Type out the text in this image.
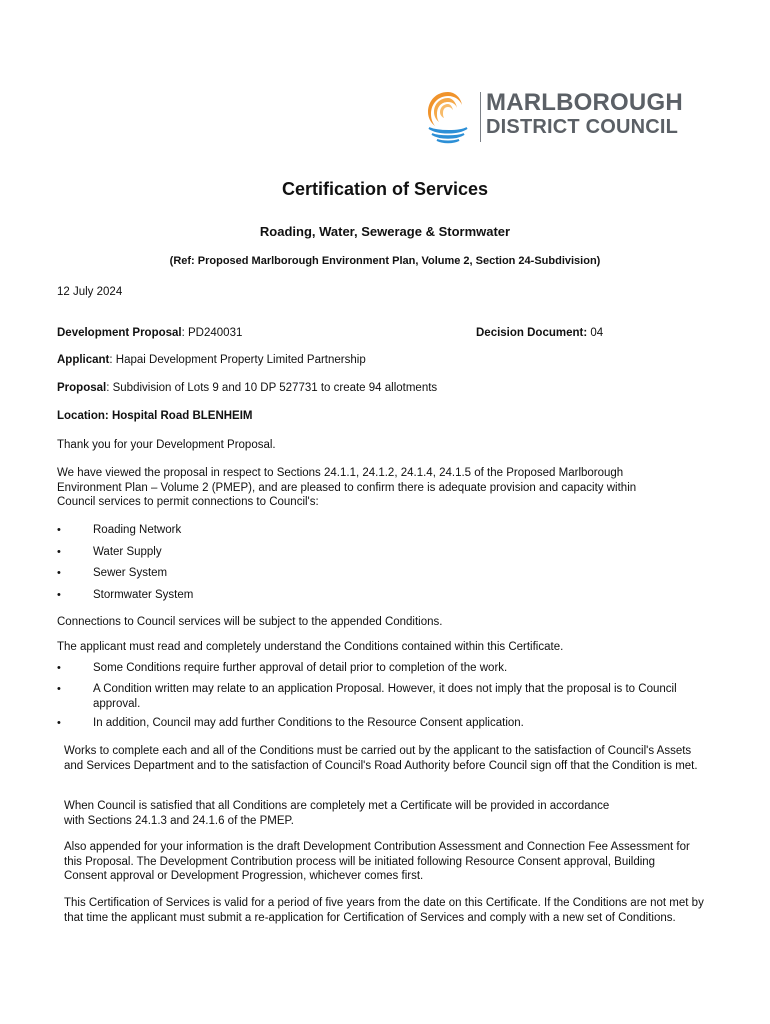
MARLBOROUGH
DISTRICT COUNCIL
Certification of Services
Roading, Water, Sewerage & Stormwater
(Ref: Proposed Marlborough Environment Plan, Volume 2, Section 24-Subdivision)
12 July 2024
Development Proposal: PD240031	Decision Document: 04
Applicant: Hapai Development Property Limited Partnership
Proposal: Subdivision of Lots 9 and 10 DP 527731 to create 94 allotments
Location: Hospital Road BLENHEIM
Thank you for your Development Proposal.
We have viewed the proposal in respect to Sections 24.1.1, 24.1.2, 24.1.4, 24.1.5 of the Proposed Marlborough Environment Plan – Volume 2 (PMEP), and are pleased to confirm there is adequate provision and capacity within Council services to permit connections to Council's:
•	Roading Network
•	Water Supply
•	Sewer System
•	Stormwater System
Connections to Council services will be subject to the appended Conditions.
The applicant must read and completely understand the Conditions contained within this Certificate.
•	Some Conditions require further approval of detail prior to completion of the work.
•	A Condition written may relate to an application Proposal. However, it does not imply that the proposal is to Council approval.
•	In addition, Council may add further Conditions to the Resource Consent application.
Works to complete each and all of the Conditions must be carried out by the applicant to the satisfaction of Council's Assets and Services Department and to the satisfaction of Council's Road Authority before Council sign off that the Condition is met.
When Council is satisfied that all Conditions are completely met a Certificate will be provided in accordance with Sections 24.1.3 and 24.1.6 of the PMEP.
Also appended for your information is the draft Development Contribution Assessment and Connection Fee Assessment for this Proposal. The Development Contribution process will be initiated following Resource Consent approval, Building Consent approval or Development Progression, whichever comes first.
This Certification of Services is valid for a period of five years from the date on this Certificate. If the Conditions are not met by that time the applicant must submit a re-application for Certification of Services and comply with a new set of Conditions.
